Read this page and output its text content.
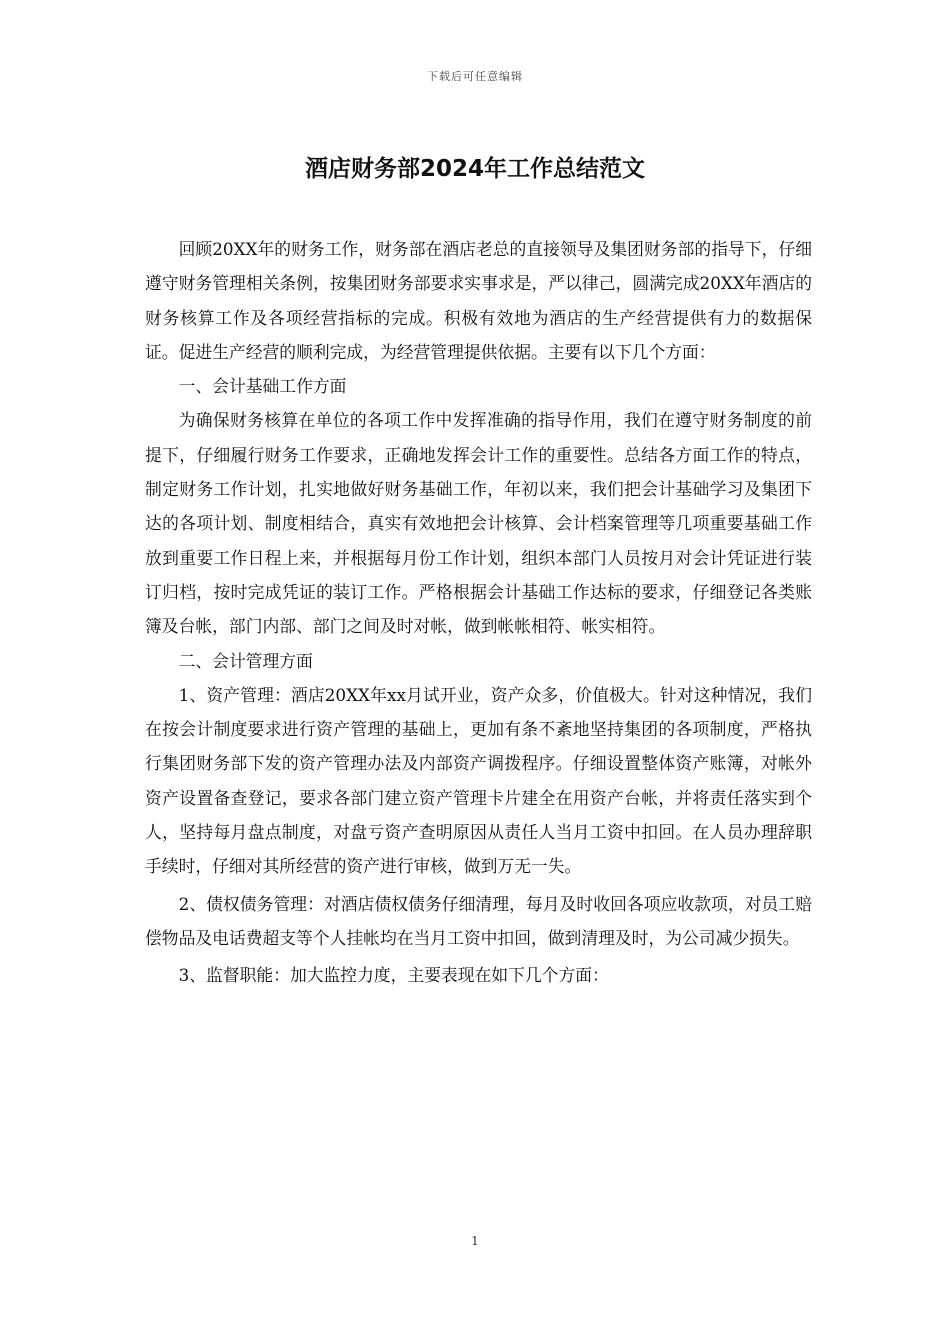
下载后可任意编辑
酒店财务部2024年工作总结范文

回顾20XX年的财务工作，财务部在酒店老总的直接领导及集团财务部的指导下，仔细遵守财务管理相关条例，按集团财务部要求实事求是，严以律己，圆满完成20XX年酒店的财务核算工作及各项经营指标的完成。积极有效地为酒店的生产经营提供有力的数据保证。促进生产经营的顺利完成，为经营管理提供依据。主要有以下几个方面：

一、会计基础工作方面

为确保财务核算在单位的各项工作中发挥准确的指导作用，我们在遵守财务制度的前提下，仔细履行财务工作要求，正确地发挥会计工作的重要性。总结各方面工作的特点，制定财务工作计划，扎实地做好财务基础工作，年初以来，我们把会计基础学习及集团下达的各项计划、制度相结合，真实有效地把会计核算、会计档案管理等几项重要基础工作放到重要工作日程上来，并根据每月份工作计划，组织本部门人员按月对会计凭证进行装订归档，按时完成凭证的装订工作。严格根据会计基础工作达标的要求，仔细登记各类账簿及台帐，部门内部、部门之间及时对帐，做到帐帐相符、帐实相符。

二、会计管理方面

1、资产管理：酒店20XX年xx月试开业，资产众多，价值极大。针对这种情况，我们在按会计制度要求进行资产管理的基础上，更加有条不紊地坚持集团的各项制度，严格执行集团财务部下发的资产管理办法及内部资产调拨程序。仔细设置整体资产账簿，对帐外资产设置备查登记，要求各部门建立资产管理卡片建全在用资产台帐，并将责任落实到个人，坚持每月盘点制度，对盘亏资产查明原因从责任人当月工资中扣回。在人员办理辞职手续时，仔细对其所经营的资产进行审核，做到万无一失。

2、债权债务管理：对酒店债权债务仔细清理，每月及时收回各项应收款项，对员工赔偿物品及电话费超支等个人挂帐均在当月工资中扣回，做到清理及时，为公司减少损失。

3、监督职能：加大监控力度，主要表现在如下几个方面：

1
